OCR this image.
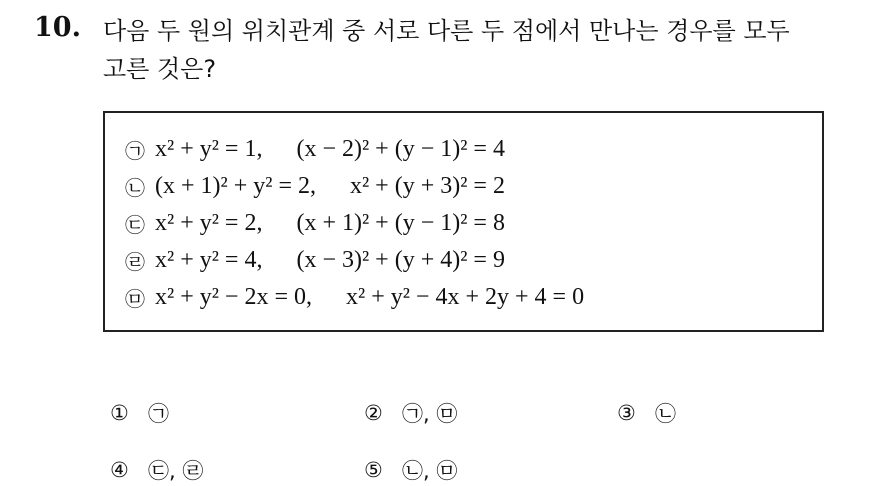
10. 다음 두 원의 위치관계 중 서로 다른 두 점에서 만나는 경우를 모두
고른 것은?
㉠ x² + y² = 1, (x − 2)² + (y − 1)² = 4
㉡ (x + 1)² + y² = 2, x² + (y + 3)² = 2
㉢ x² + y² = 2, (x + 1)² + (y − 1)² = 8
㉣ x² + y² = 4, (x − 3)² + (y + 4)² = 9
㉤ x² + y² − 2x = 0, x² + y² − 4x + 2y + 4 = 0
① ㉠	② ㉠, ㉤	③ ㉡
④ ㉢, ㉣	⑤ ㉡, ㉤
